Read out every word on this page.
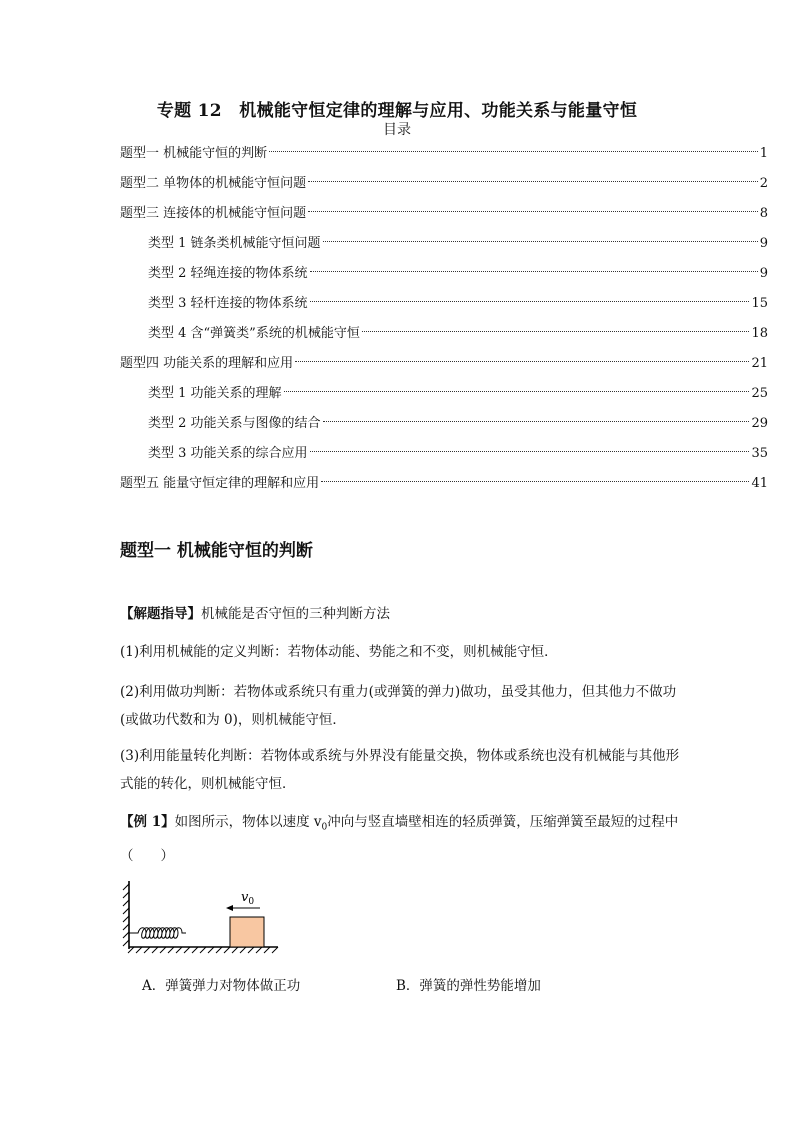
专题 12　机械能守恒定律的理解与应用、功能关系与能量守恒
目录
题型一 机械能守恒的判断	1
题型二 单物体的机械能守恒问题	2
题型三 连接体的机械能守恒问题	8
类型 1 链条类机械能守恒问题	9
类型 2 轻绳连接的物体系统	9
类型 3 轻杆连接的物体系统	15
类型 4 含“弹簧类”系统的机械能守恒	18
题型四 功能关系的理解和应用	21
类型 1 功能关系的理解	25
类型 2 功能关系与图像的结合	29
类型 3 功能关系的综合应用	35
题型五 能量守恒定律的理解和应用	41
题型一 机械能守恒的判断
【解题指导】机械能是否守恒的三种判断方法
(1)利用机械能的定义判断：若物体动能、势能之和不变，则机械能守恒．
(2)利用做功判断：若物体或系统只有重力(或弹簧的弹力)做功，虽受其他力，但其他力不做功(或做功代数和为 0)，则机械能守恒．
(3)利用能量转化判断：若物体或系统与外界没有能量交换，物体或系统也没有机械能与其他形式能的转化，则机械能守恒．
【例 1】如图所示，物体以速度 $v_0$冲向与竖直墙壁相连的轻质弹簧，压缩弹簧至最短的过程中（　　）
$v_0$
A．弹簧弹力对物体做正功	B．弹簧的弹性势能增加
